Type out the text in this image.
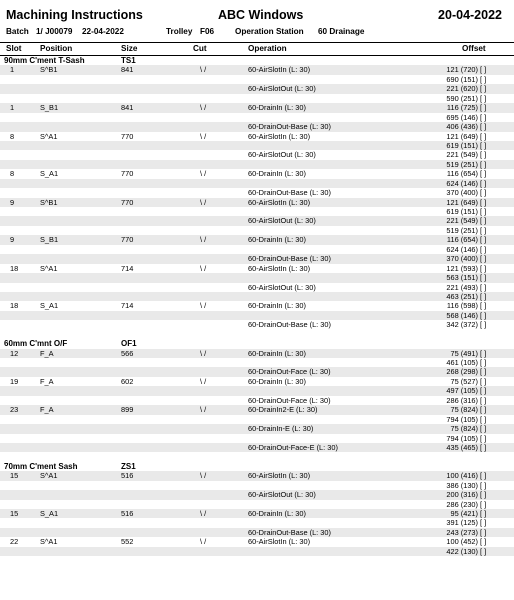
Machining Instructions	ABC Windows	20-04-2022
Batch 1/ J00079 22-04-2022	Trolley F06	Operation Station 60 Drainage
Slot Position	Size	Cut	Operation	Offset
90mm C'ment T-Sash	TS1
1	S^B1	841	\ /	60-AirSlotIn (L: 30)	121 (720) [ ]
690 (151) [ ]
60-AirSlotOut (L: 30)	221 (620) [ ]
590 (251) [ ]
1	S_B1	841	\ /	60-DrainIn (L: 30)	116 (725) [ ]
695 (146) [ ]
60-DrainOut-Base (L: 30)	406 (436) [ ]
8	S^A1	770	\ /	60-AirSlotIn (L: 30)	121 (649) [ ]
619 (151) [ ]
60-AirSlotOut (L: 30)	221 (549) [ ]
519 (251) [ ]
8	S_A1	770	\ /	60-DrainIn (L: 30)	116 (654) [ ]
624 (146) [ ]
60-DrainOut-Base (L: 30)	370 (400) [ ]
9	S^B1	770	\ /	60-AirSlotIn (L: 30)	121 (649) [ ]
619 (151) [ ]
60-AirSlotOut (L: 30)	221 (549) [ ]
519 (251) [ ]
9	S_B1	770	\ /	60-DrainIn (L: 30)	116 (654) [ ]
624 (146) [ ]
60-DrainOut-Base (L: 30)	370 (400) [ ]
18	S^A1	714	\ /	60-AirSlotIn (L: 30)	121 (593) [ ]
563 (151) [ ]
60-AirSlotOut (L: 30)	221 (493) [ ]
463 (251) [ ]
18	S_A1	714	\ /	60-DrainIn (L: 30)	116 (598) [ ]
568 (146) [ ]
60-DrainOut-Base (L: 30)	342 (372) [ ]
60mm C'mnt O/F	OF1
12	F_A	566	\ /	60-DrainIn (L: 30)	75 (491) [ ]
461 (105) [ ]
60-DrainOut-Face (L: 30)	268 (298) [ ]
19	F_A	602	\ /	60-DrainIn (L: 30)	75 (527) [ ]
497 (105) [ ]
60-DrainOut-Face (L: 30)	286 (316) [ ]
23	F_A	899	\ /	60-DrainIn2-E (L: 30)	75 (824) [ ]
794 (105) [ ]
60-DrainIn-E (L: 30)	75 (824) [ ]
794 (105) [ ]
60-DrainOut-Face-E (L: 30)	435 (465) [ ]
70mm C'ment Sash	ZS1
15	S^A1	516	\ /	60-AirSlotIn (L: 30)	100 (416) [ ]
386 (130) [ ]
60-AirSlotOut (L: 30)	200 (316) [ ]
286 (230) [ ]
15	S_A1	516	\ /	60-DrainIn (L: 30)	95 (421) [ ]
391 (125) [ ]
60-DrainOut-Base (L: 30)	243 (273) [ ]
22	S^A1	552	\ /	60-AirSlotIn (L: 30)	100 (452) [ ]
422 (130) [ ]
